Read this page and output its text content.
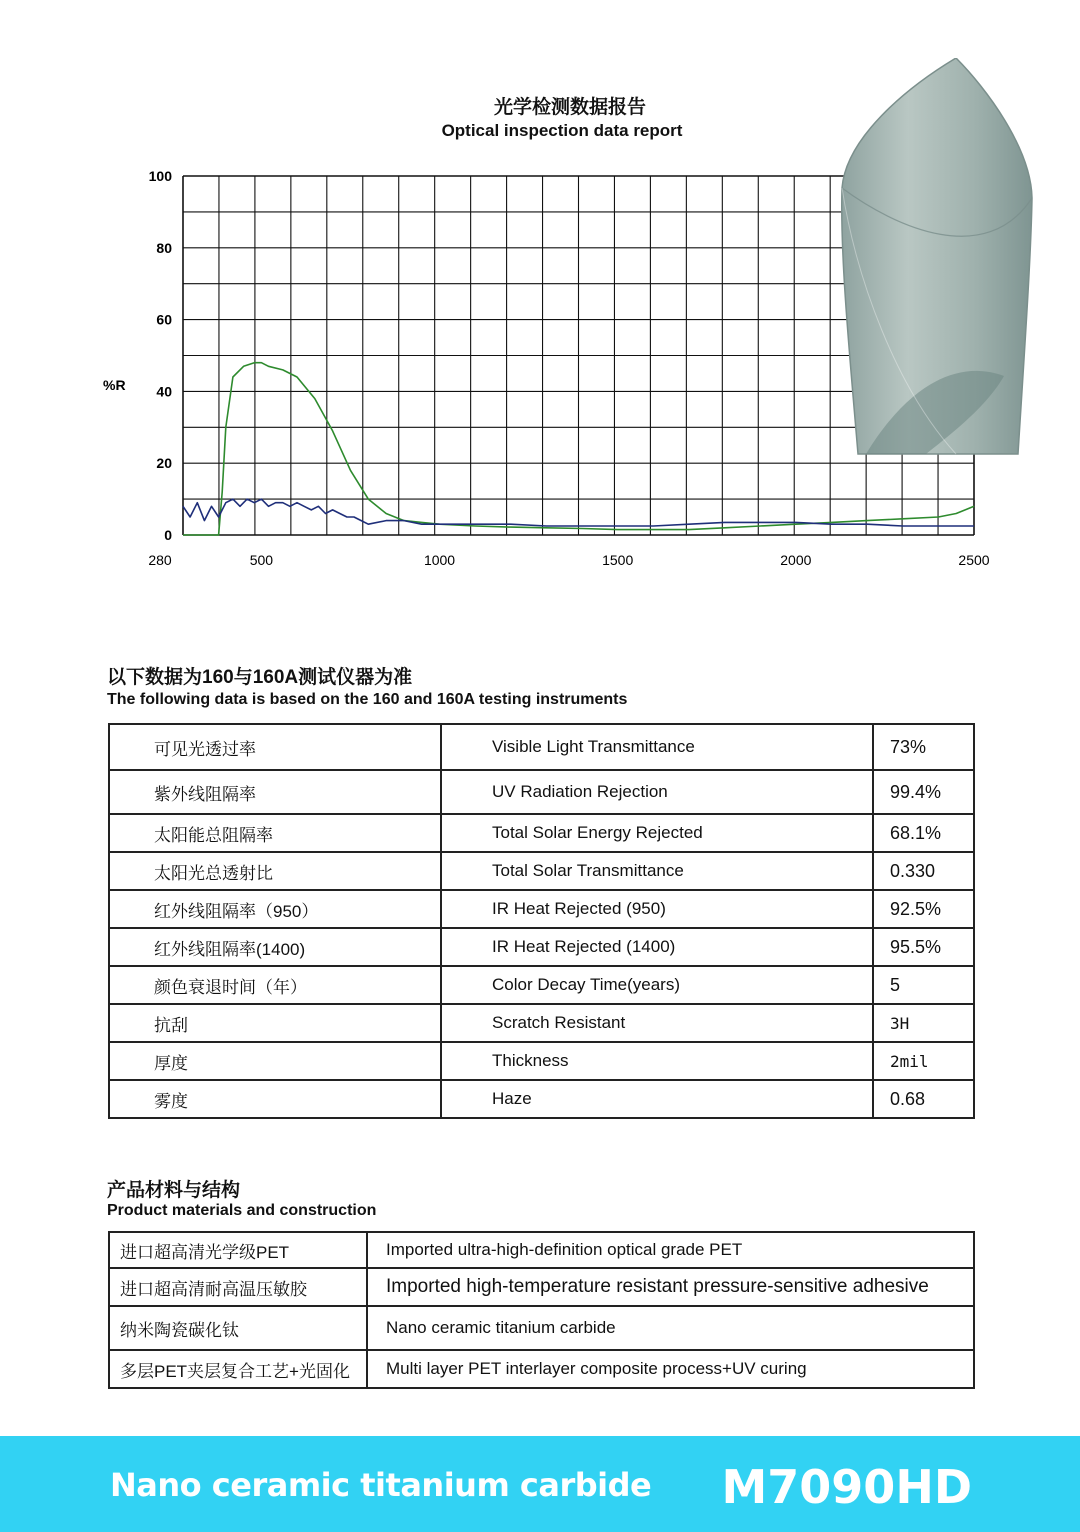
光学检测数据报告
Optical inspection data report
0
20
40
60
80
100
280	500	1000	1500	2000	2500
%R
以下数据为160与160A测试仪器为准
The following data is based on the 160 and 160A testing instruments
可见光透过率	Visible Light Transmittance	73%
紫外线阻隔率	UV Radiation Rejection	99.4%
太阳能总阻隔率	Total Solar Energy Rejected	68.1%
太阳光总透射比	Total Solar Transmittance	0.330
红外线阻隔率（950）	IR Heat Rejected (950)	92.5%
红外线阻隔率(1400)	IR Heat Rejected (1400)	95.5%
颜色衰退时间（年）	Color Decay Time(years)	5
抗刮	Scratch Resistant	3H
厚度	Thickness	2mil
雾度	Haze	0.68
产品材料与结构
Product materials and construction
进口超高清光学级PET	Imported ultra-high-definition optical grade PET
进口超高清耐高温压敏胶	Imported high-temperature resistant pressure-sensitive adhesive
纳米陶瓷碳化钛	Nano ceramic titanium carbide
多层PET夹层复合工艺+光固化	Multi layer PET interlayer composite process+UV curing
Nano ceramic titanium carbide M7090HD
